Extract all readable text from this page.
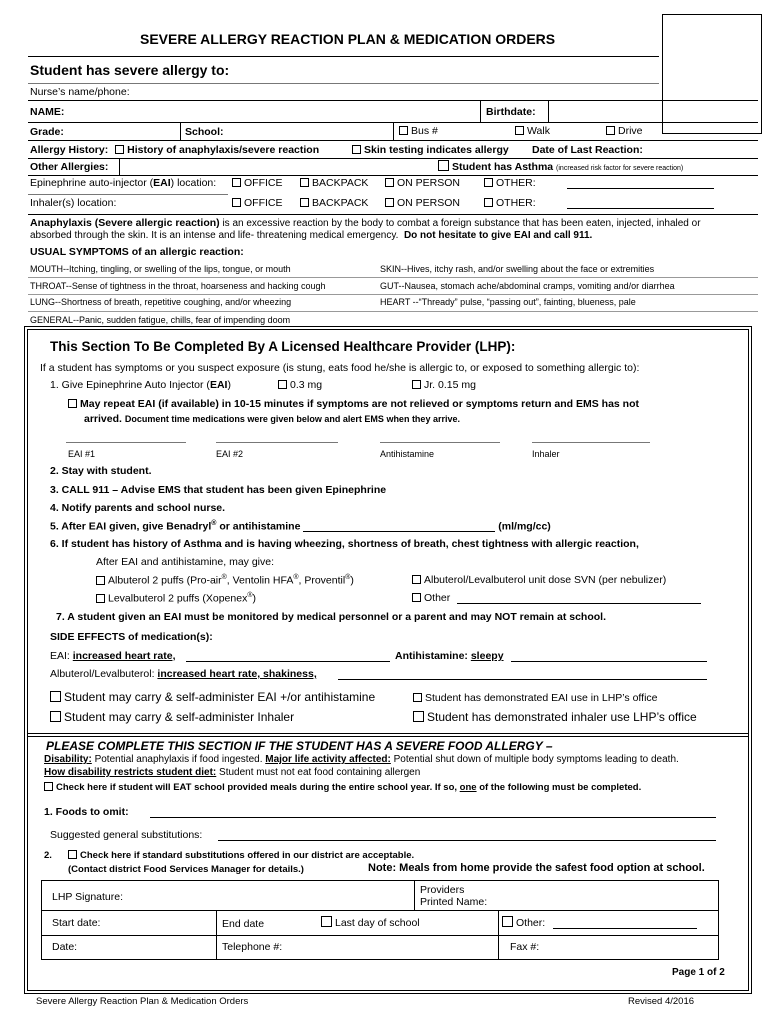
SEVERE ALLERGY REACTION PLAN & MEDICATION ORDERS
Student has severe allergy to:
Nurse’s name/phone:
NAME:	Birthdate:
Grade:	School:	Bus #	Walk	Drive
Allergy History: History of anaphylaxis/severe reaction	Skin testing indicates allergy Date of Last Reaction:
Other Allergies:	Student has Asthma (increased risk factor for severe reaction)
Epinephrine auto-injector (EAI) location:	OFFICE	BACKPACK	ON PERSON	OTHER:
Inhaler(s) location:	OFFICE	BACKPACK	ON PERSON	OTHER:
Anaphylaxis (Severe allergic reaction) is an excessive reaction by the body to combat a foreign substance that has been eaten, injected, inhaled or
absorbed through the skin. It is an intense and life- threatening medical emergency. Do not hesitate to give EAI and call 911.
USUAL SYMPTOMS of an allergic reaction:
MOUTH--Itching, tingling, or swelling of the lips, tongue, or mouth	SKIN--Hives, itchy rash, and/or swelling about the face or extremities
THROAT--Sense of tightness in the throat, hoarseness and hacking cough	GUT--Nausea, stomach ache/abdominal cramps, vomiting and/or diarrhea
LUNG--Shortness of breath, repetitive coughing, and/or wheezing	HEART --“Thready” pulse, “passing out”, fainting, blueness, pale
GENERAL--Panic, sudden fatigue, chills, fear of impending doom
This Section To Be Completed By A Licensed Healthcare Provider (LHP):
If a student has symptoms or you suspect exposure (is stung, eats food he/she is allergic to, or exposed to something allergic to):
1. Give Epinephrine Auto Injector (EAI)	0.3 mg	Jr. 0.15 mg
May repeat EAI (if available) in 10-15 minutes if symptoms are not relieved or symptoms return and EMS has not
arrived. Document time medications were given below and alert EMS when they arrive.
EAI #1	EAI #2	Antihistamine	Inhaler
2. Stay with student.
3. CALL 911 – Advise EMS that student has been given Epinephrine
4. Notify parents and school nurse.
5. After EAI given, give Benadryl® or antihistamine	(ml/mg/cc)
6. If student has history of Asthma and is having wheezing, shortness of breath, chest tightness with allergic reaction,
After EAI and antihistamine, may give:
Albuterol 2 puffs (Pro-air®, Ventolin HFA®, Proventil®)	Albuterol/Levalbuterol unit dose SVN (per nebulizer)
Levalbuterol 2 puffs (Xopenex®)	Other
7. A student given an EAI must be monitored by medical personnel or a parent and may NOT remain at school.
SIDE EFFECTS of medication(s):
EAI: increased heart rate,	Antihistamine: sleepy
Albuterol/Levalbuterol: increased heart rate, shakiness,
Student may carry & self-administer EAI +/or antihistamine	Student has demonstrated EAI use in LHP’s office
Student may carry & self-administer Inhaler	Student has demonstrated inhaler use LHP’s office
PLEASE COMPLETE THIS SECTION IF THE STUDENT HAS A SEVERE FOOD ALLERGY –
Disability: Potential anaphylaxis if food ingested. Major life activity affected: Potential shut down of multiple body symptoms leading to death.
How disability restricts student diet: Student must not eat food containing allergen
Check here if student will EAT school provided meals during the entire school year. If so, one of the following must be completed.
1. Foods to omit:
Suggested general substitutions:
2.	Check here if standard substitutions offered in our district are acceptable.
(Contact district Food Services Manager for details.)	Note: Meals from home provide the safest food option at school.
LHP Signature:
Providers
Printed Name:
Start date:	End date	Last day of school	Other:
Date:	Telephone #:	Fax #:
Page 1 of 2
Severe Allergy Reaction Plan & Medication Orders	Revised 4/2016
